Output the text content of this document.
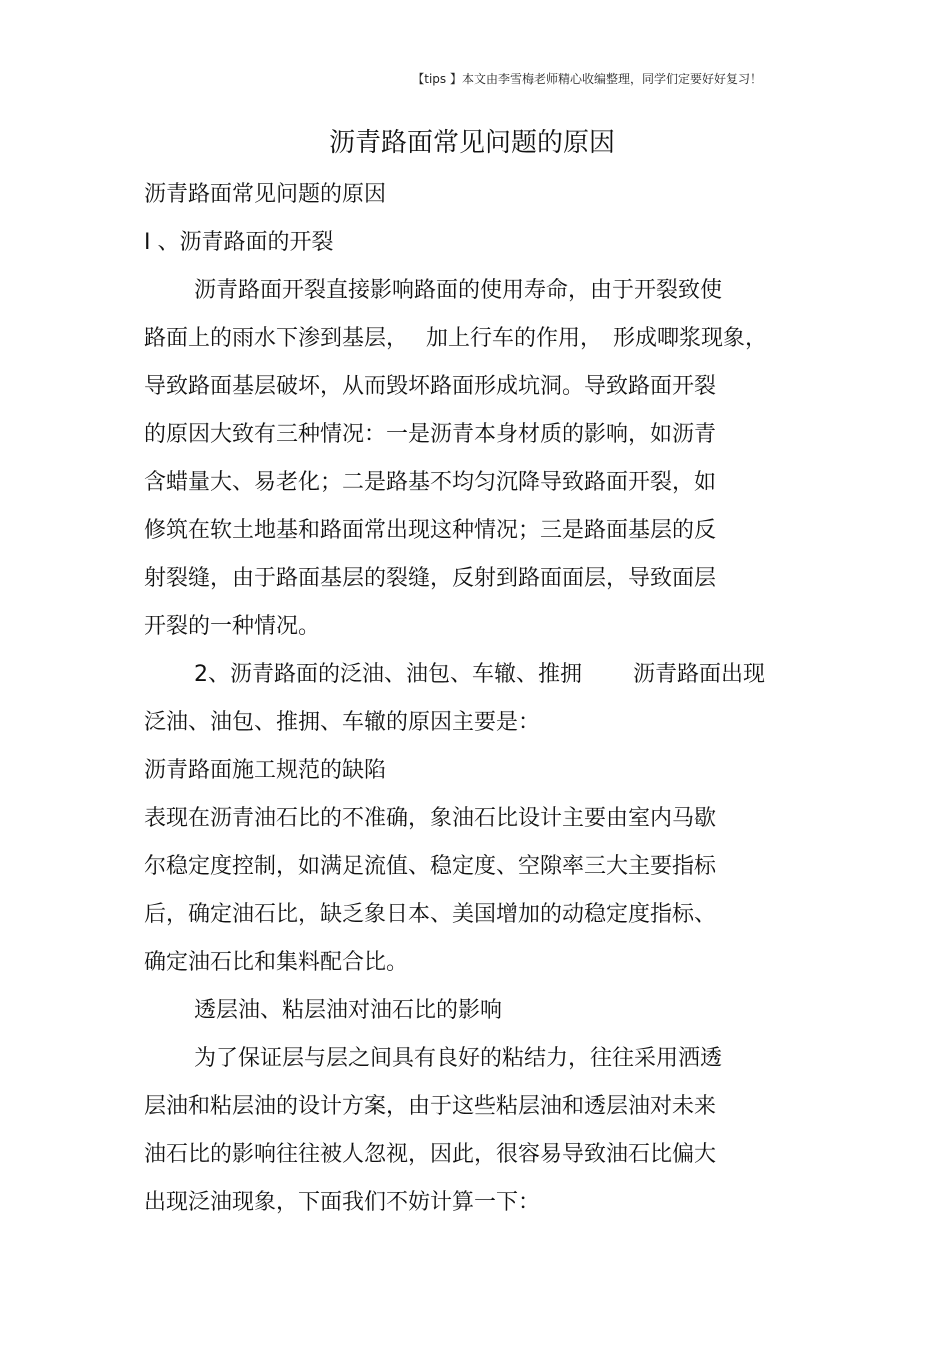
【tips 】本文由李雪梅老师精心收编整理，同学们定要好好复习！
沥青路面常见问题的原因
沥青路面常见问题的原因
I 、沥青路面的开裂
沥青路面开裂直接影响路面的使用寿命，由于开裂致使
路面上的雨水下渗到基层，　 加上行车的作用，　形成唧浆现象，
导致路面基层破坏，从而毁坏路面形成坑洞。导致路面开裂
的原因大致有三种情况：一是沥青本身材质的影响，如沥青
含蜡量大、易老化；二是路基不均匀沉降导致路面开裂，如
修筑在软土地基和路面常出现这种情况；三是路面基层的反
射裂缝，由于路面基层的裂缝，反射到路面面层，导致面层
开裂的一种情况。
2、沥青路面的泛油、油包、车辙、推拥　　 沥青路面出现
泛油、油包、推拥、车辙的原因主要是：
沥青路面施工规范的缺陷
表现在沥青油石比的不准确，象油石比设计主要由室内马歇
尔稳定度控制，如满足流值、稳定度、空隙率三大主要指标
后，确定油石比，缺乏象日本、美国增加的动稳定度指标、
确定油石比和集料配合比。
透层油、粘层油对油石比的影响
为了保证层与层之间具有良好的粘结力，往往采用洒透
层油和粘层油的设计方案，由于这些粘层油和透层油对未来
油石比的影响往往被人忽视，因此，很容易导致油石比偏大
出现泛油现象，下面我们不妨计算一下：
